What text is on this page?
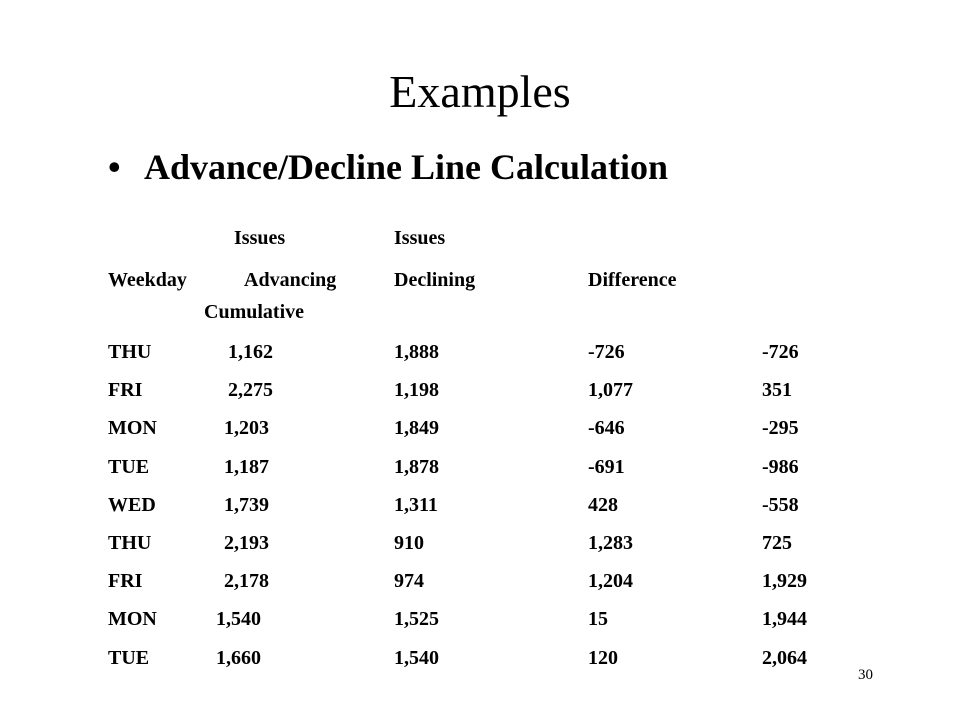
Examples
• Advance/Decline Line Calculation
Issues	Issues
Weekday	Advancing	Declining	Difference
Cumulative
THU	1,162	1,888	-726	-726
FRI	2,275	1,198	1,077	351
MON	1,203	1,849	-646	-295
TUE	1,187	1,878	-691	-986
WED	1,739	1,311	428	-558
THU	2,193	910	1,283	725
FRI	2,178	974	1,204	1,929
MON	1,540	1,525	15	1,944
TUE	1,660	1,540	120	2,064
30
